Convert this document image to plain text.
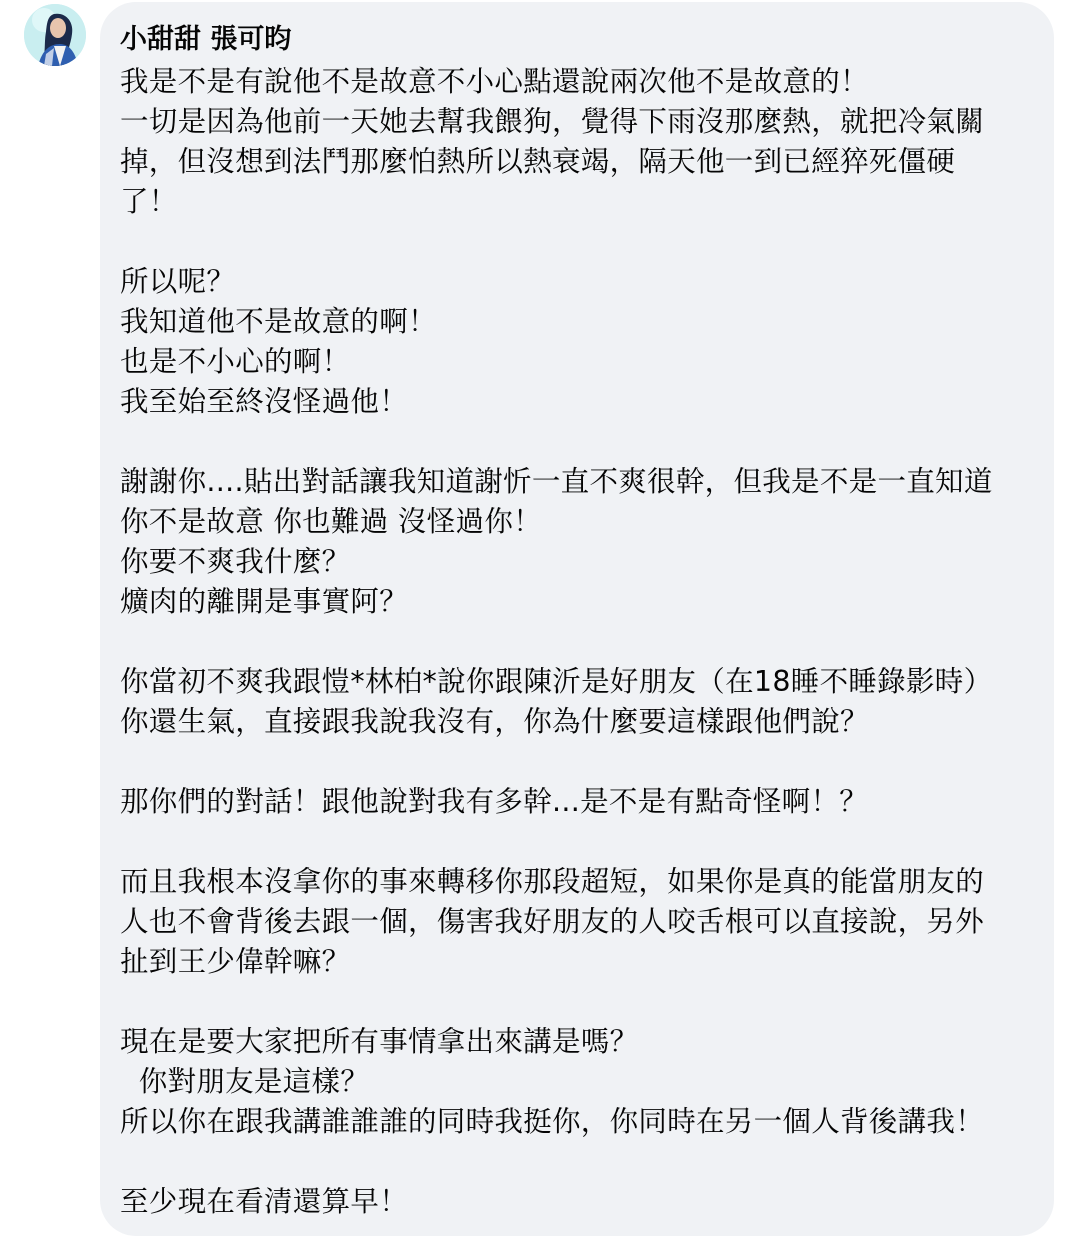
小甜甜 張可昀
我是不是有說他不是故意不小心點還說兩次他不是故意的！
一切是因為他前一天她去幫我餵狗，覺得下雨沒那麼熱，就把冷氣關
掉，但沒想到法鬥那麼怕熱所以熱衰竭，隔天他一到已經猝死僵硬
了！
所以呢？
我知道他不是故意的啊！
也是不小心的啊！
我至始至終沒怪過他！
謝謝你....貼出對話讓我知道謝忻一直不爽很幹，但我是不是一直知道
你不是故意 你也難過 沒怪過你！
你要不爽我什麼？
爌肉的離開是事實阿？
你當初不爽我跟愷*林柏*說你跟陳沂是好朋友（在18睡不睡錄影時）
你還生氣，直接跟我說我沒有，你為什麼要這樣跟他們說？
那你們的對話！跟他說對我有多幹...是不是有點奇怪啊！？
而且我根本沒拿你的事來轉移你那段超短，如果你是真的能當朋友的
人也不會背後去跟一個，傷害我好朋友的人咬舌根可以直接說，另外
扯到王少偉幹嘛？
現在是要大家把所有事情拿出來講是嗎？
你對朋友是這樣？
所以你在跟我講誰誰誰的同時我挺你，你同時在另一個人背後講我！
至少現在看清還算早！
